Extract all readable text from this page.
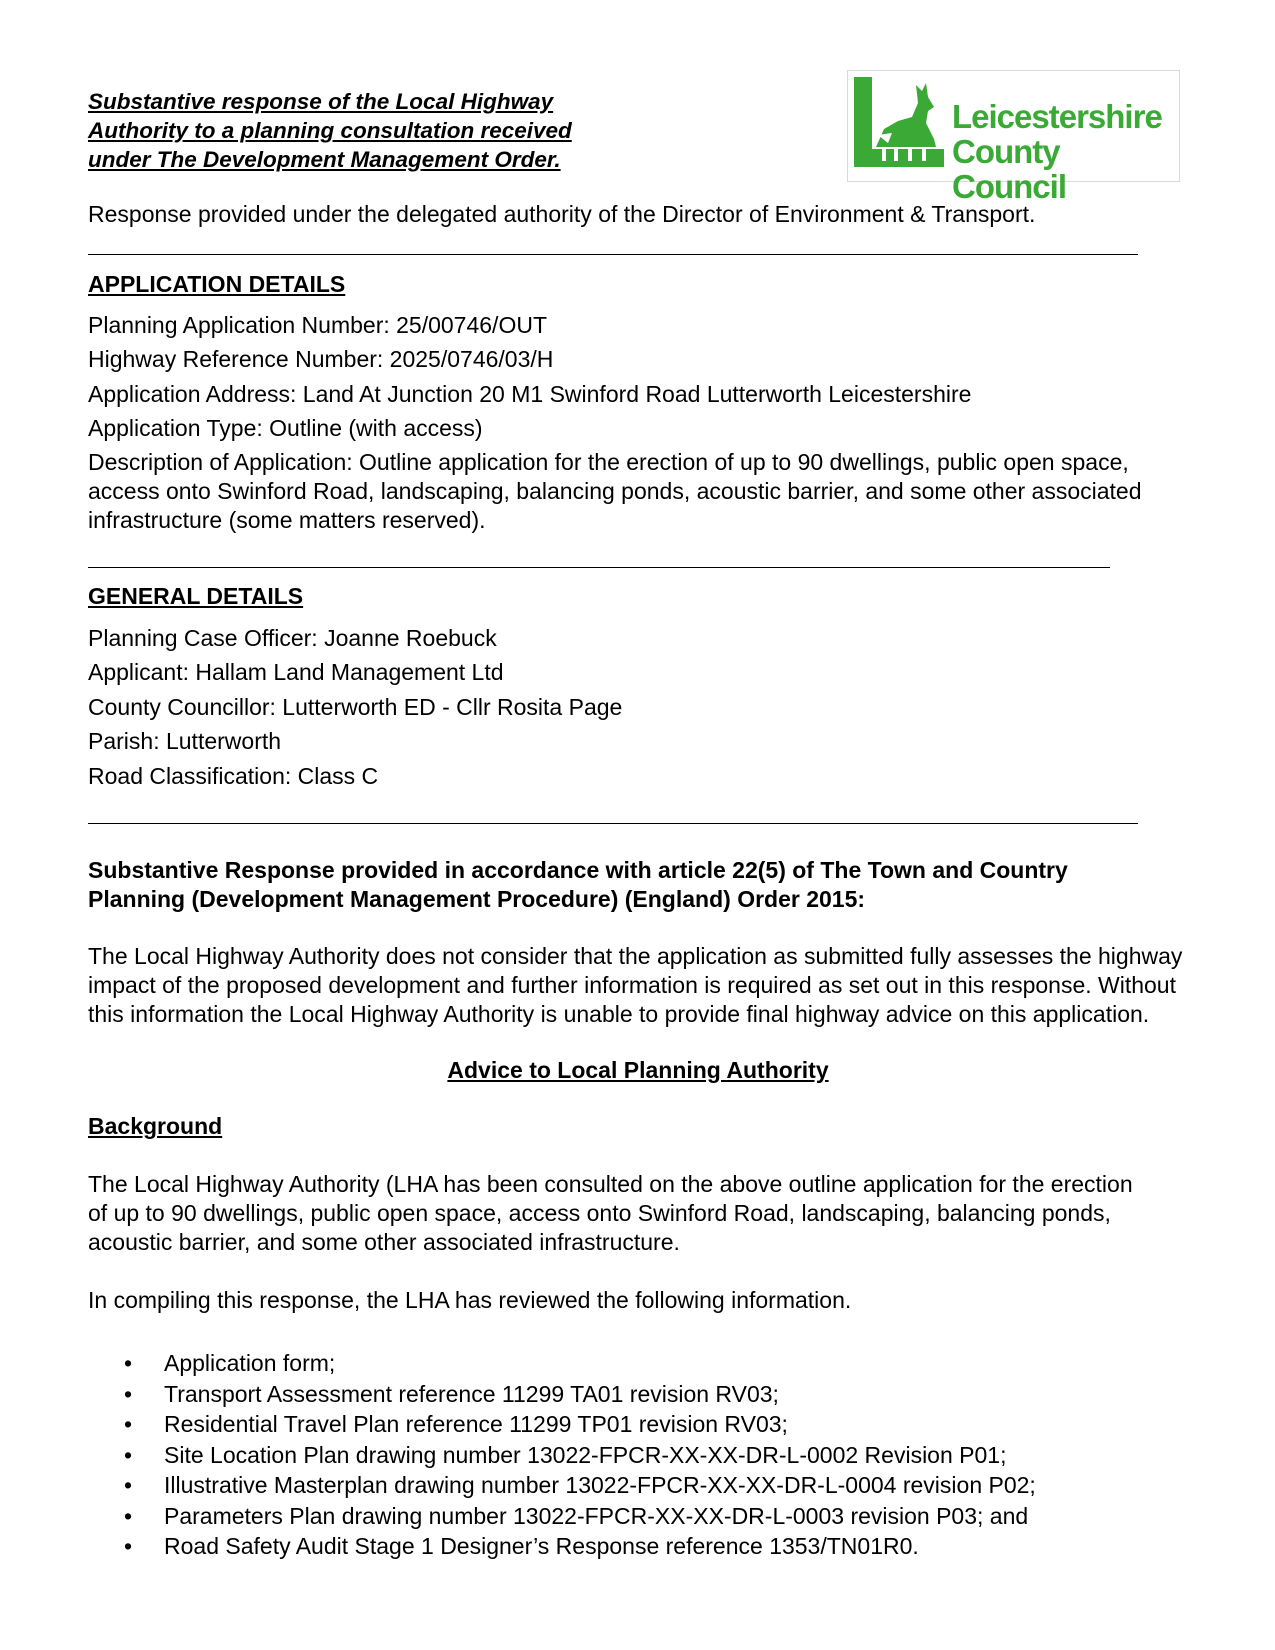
Substantive response of the Local Highway
Authority to a planning consultation received
under The Development Management Order.
Leicestershire
County Council
Response provided under the delegated authority of the Director of Environment & Transport.
APPLICATION DETAILS
Planning Application Number: 25/00746/OUT
Highway Reference Number: 2025/0746/03/H
Application Address: Land At Junction 20 M1 Swinford Road Lutterworth Leicestershire
Application Type: Outline (with access)
Description of Application: Outline application for the erection of up to 90 dwellings, public open space, access onto Swinford Road, landscaping, balancing ponds, acoustic barrier, and some other associated infrastructure (some matters reserved).
GENERAL DETAILS
Planning Case Officer: Joanne Roebuck
Applicant: Hallam Land Management Ltd
County Councillor: Lutterworth ED - Cllr Rosita Page
Parish: Lutterworth
Road Classification: Class C
Substantive Response provided in accordance with article 22(5) of The Town and Country Planning (Development Management Procedure) (England) Order 2015:
The Local Highway Authority does not consider that the application as submitted fully assesses the highway impact of the proposed development and further information is required as set out in this response. Without this information the Local Highway Authority is unable to provide final highway advice on this application.
Advice to Local Planning Authority
Background
The Local Highway Authority (LHA has been consulted on the above outline application for the erection of up to 90 dwellings, public open space, access onto Swinford Road, landscaping, balancing ponds, acoustic barrier, and some other associated infrastructure.
In compiling this response, the LHA has reviewed the following information.
• Application form;
• Transport Assessment reference 11299 TA01 revision RV03;
• Residential Travel Plan reference 11299 TP01 revision RV03;
• Site Location Plan drawing number 13022-FPCR-XX-XX-DR-L-0002 Revision P01;
• Illustrative Masterplan drawing number 13022-FPCR-XX-XX-DR-L-0004 revision P02;
• Parameters Plan drawing number 13022-FPCR-XX-XX-DR-L-0003 revision P03; and
• Road Safety Audit Stage 1 Designer’s Response reference 1353/TN01R0.
